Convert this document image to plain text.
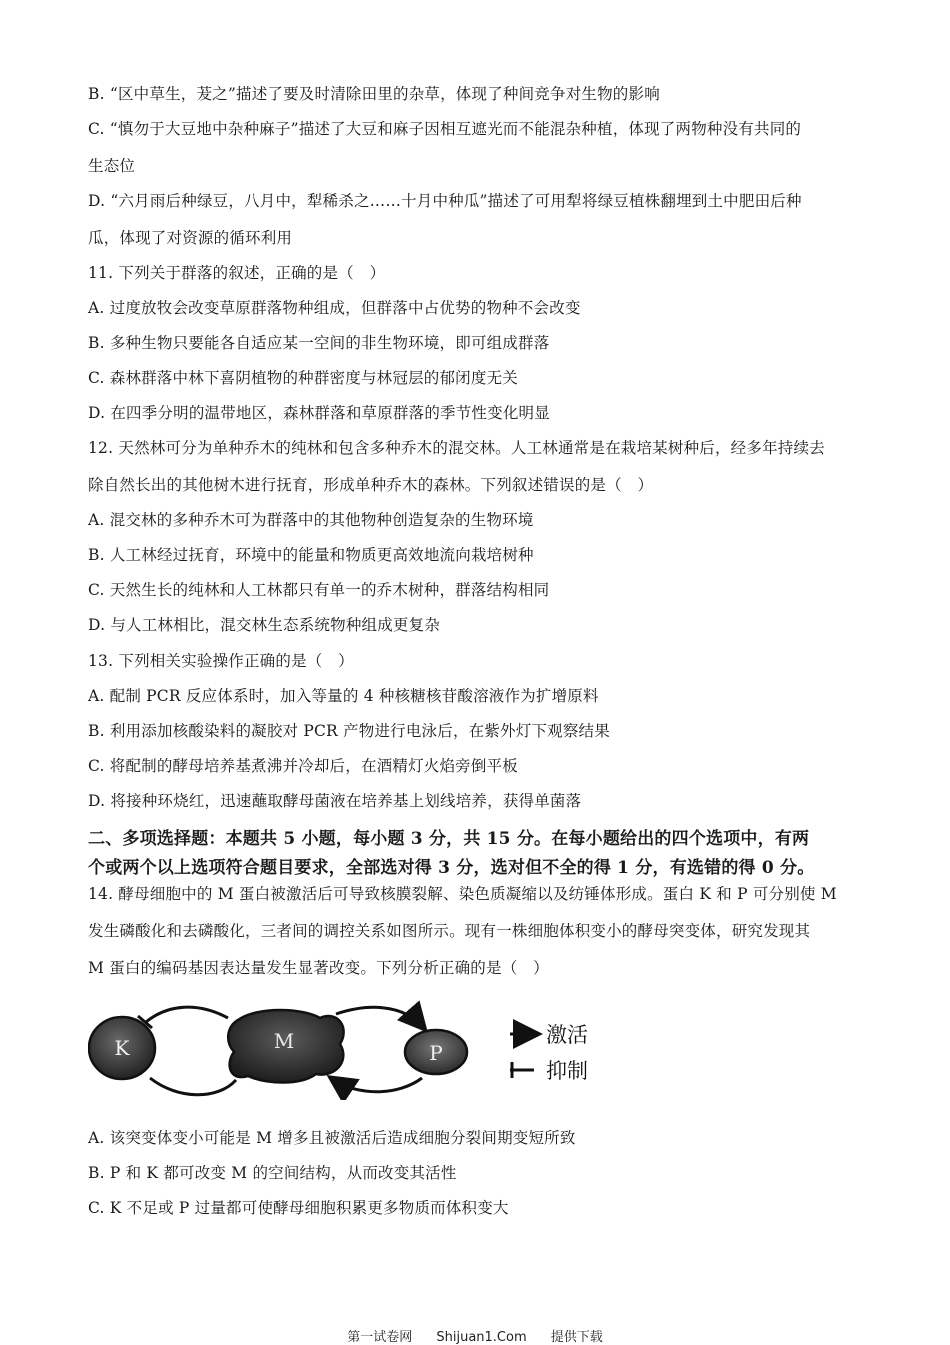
B. “区中草生，茇之”描述了要及时清除田里的杂草，体现了种间竞争对生物的影响
C. “慎勿于大豆地中杂种麻子”描述了大豆和麻子因相互遮光而不能混杂种植，体现了两物种没有共同的
生态位
D. “六月雨后种绿豆，八月中，犁稀杀之……十月中种瓜”描述了可用犁将绿豆植株翻埋到土中肥田后种
瓜，体现了对资源的循环利用
11. 下列关于群落的叙述，正确的是（　）
A. 过度放牧会改变草原群落物种组成，但群落中占优势的物种不会改变
B. 多种生物只要能各自适应某一空间的非生物环境，即可组成群落
C. 森林群落中林下喜阴植物的种群密度与林冠层的郁闭度无关
D. 在四季分明的温带地区，森林群落和草原群落的季节性变化明显
12. 天然林可分为单种乔木的纯林和包含多种乔木的混交林。人工林通常是在栽培某树种后，经多年持续去
除自然长出的其他树木进行抚育，形成单种乔木的森林。下列叙述错误的是（　）
A. 混交林的多种乔木可为群落中的其他物种创造复杂的生物环境
B. 人工林经过抚育，环境中的能量和物质更高效地流向栽培树种
C. 天然生长的纯林和人工林都只有单一的乔木树种，群落结构相同
D. 与人工林相比，混交林生态系统物种组成更复杂
13. 下列相关实验操作正确的是（　）
A. 配制 PCR 反应体系时，加入等量的 4 种核糖核苷酸溶液作为扩增原料
B. 利用添加核酸染料的凝胶对 PCR 产物进行电泳后，在紫外灯下观察结果
C. 将配制的酵母培养基煮沸并冷却后，在酒精灯火焰旁倒平板
D. 将接种环烧红，迅速蘸取酵母菌液在培养基上划线培养，获得单菌落
二、多项选择题：本题共 5 小题，每小题 3 分，共 15 分。在每小题给出的四个选项中，有两
个或两个以上选项符合题目要求，全部选对得 3 分，选对但不全的得 1 分，有选错的得 0 分。
14. 酵母细胞中的 M 蛋白被激活后可导致核膜裂解、染色质凝缩以及纺锤体形成。蛋白 K 和 P 可分别使 M
发生磷酸化和去磷酸化，三者间的调控关系如图所示。现有一株细胞体积变小的酵母突变体，研究发现其
M 蛋白的编码基因表达量发生显著改变。下列分析正确的是（　）
K	M	P
激活
抑制
A. 该突变体变小可能是 M 增多且被激活后造成细胞分裂间期变短所致
B. P 和 K 都可改变 M 的空间结构，从而改变其活性
C. K 不足或 P 过量都可使酵母细胞积累更多物质而体积变大
第一试卷网 Shijuan1.Com 提供下载
